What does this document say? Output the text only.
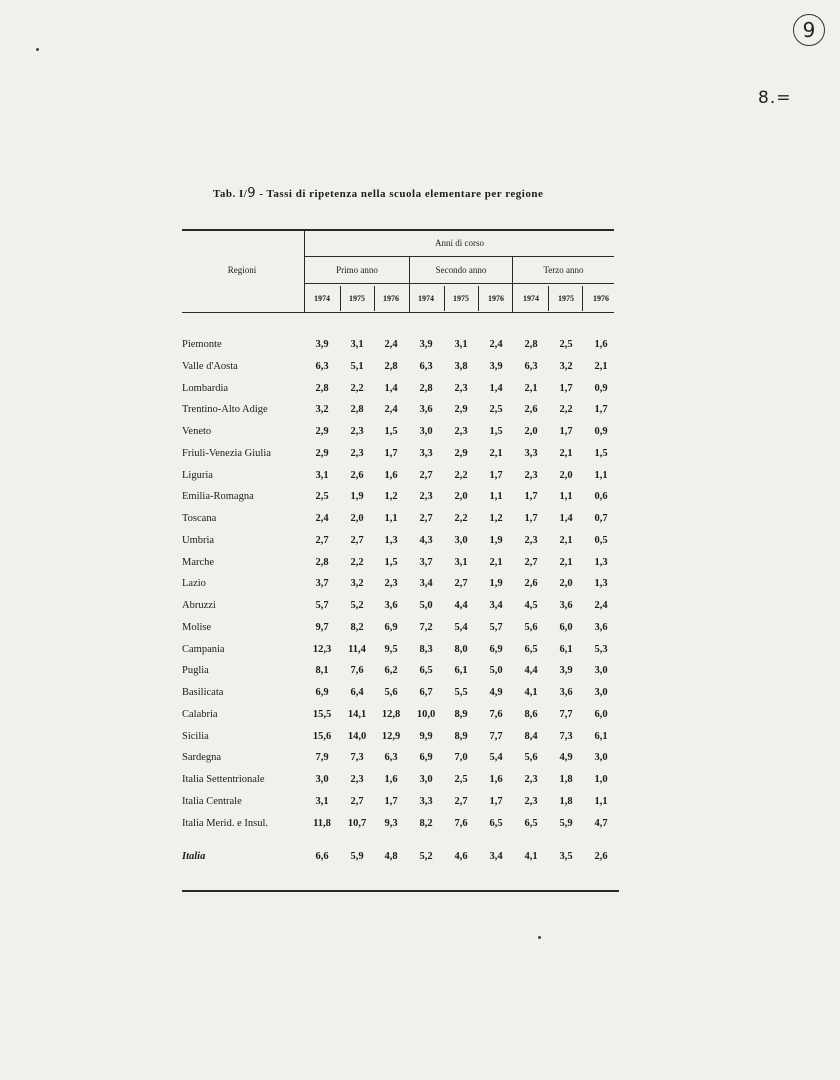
9
8.=
Tab. I/9 - Tassi di ripetenza nella scuola elementare per regione
Anni di corso
Regioni	Primo anno	Secondo anno	Terzo anno
1974	1975	1976	1974	1975	1976	1974	1975	1976
Piemonte	3,9	3,1	2,4	3,9	3,1	2,4	2,8	2,5	1,6
Valle d'Aosta	6,3	5,1	2,8	6,3	3,8	3,9	6,3	3,2	2,1
Lombardia	2,8	2,2	1,4	2,8	2,3	1,4	2,1	1,7	0,9
Trentino-Alto Adige	3,2	2,8	2,4	3,6	2,9	2,5	2,6	2,2	1,7
Veneto	2,9	2,3	1,5	3,0	2,3	1,5	2,0	1,7	0,9
Friuli-Venezia Giulia	2,9	2,3	1,7	3,3	2,9	2,1	3,3	2,1	1,5
Liguria	3,1	2,6	1,6	2,7	2,2	1,7	2,3	2,0	1,1
Emilia-Romagna	2,5	1,9	1,2	2,3	2,0	1,1	1,7	1,1	0,6
Toscana	2,4	2,0	1,1	2,7	2,2	1,2	1,7	1,4	0,7
Umbria	2,7	2,7	1,3	4,3	3,0	1,9	2,3	2,1	0,5
Marche	2,8	2,2	1,5	3,7	3,1	2,1	2,7	2,1	1,3
Lazio	3,7	3,2	2,3	3,4	2,7	1,9	2,6	2,0	1,3
Abruzzi	5,7	5,2	3,6	5,0	4,4	3,4	4,5	3,6	2,4
Molise	9,7	8,2	6,9	7,2	5,4	5,7	5,6	6,0	3,6
Campania	12,3	11,4	9,5	8,3	8,0	6,9	6,5	6,1	5,3
Puglia	8,1	7,6	6,2	6,5	6,1	5,0	4,4	3,9	3,0
Basilicata	6,9	6,4	5,6	6,7	5,5	4,9	4,1	3,6	3,0
Calabria	15,5	14,1	12,8	10,0	8,9	7,6	8,6	7,7	6,0
Sicilia	15,6	14,0	12,9	9,9	8,9	7,7	8,4	7,3	6,1
Sardegna	7,9	7,3	6,3	6,9	7,0	5,4	5,6	4,9	3,0
Italia Settentrionale	3,0	2,3	1,6	3,0	2,5	1,6	2,3	1,8	1,0
Italia Centrale	3,1	2,7	1,7	3,3	2,7	1,7	2,3	1,8	1,1
Italia Merid. e Insul.	11,8	10,7	9,3	8,2	7,6	6,5	6,5	5,9	4,7
Italia	6,6	5,9	4,8	5,2	4,6	3,4	4,1	3,5	2,6
